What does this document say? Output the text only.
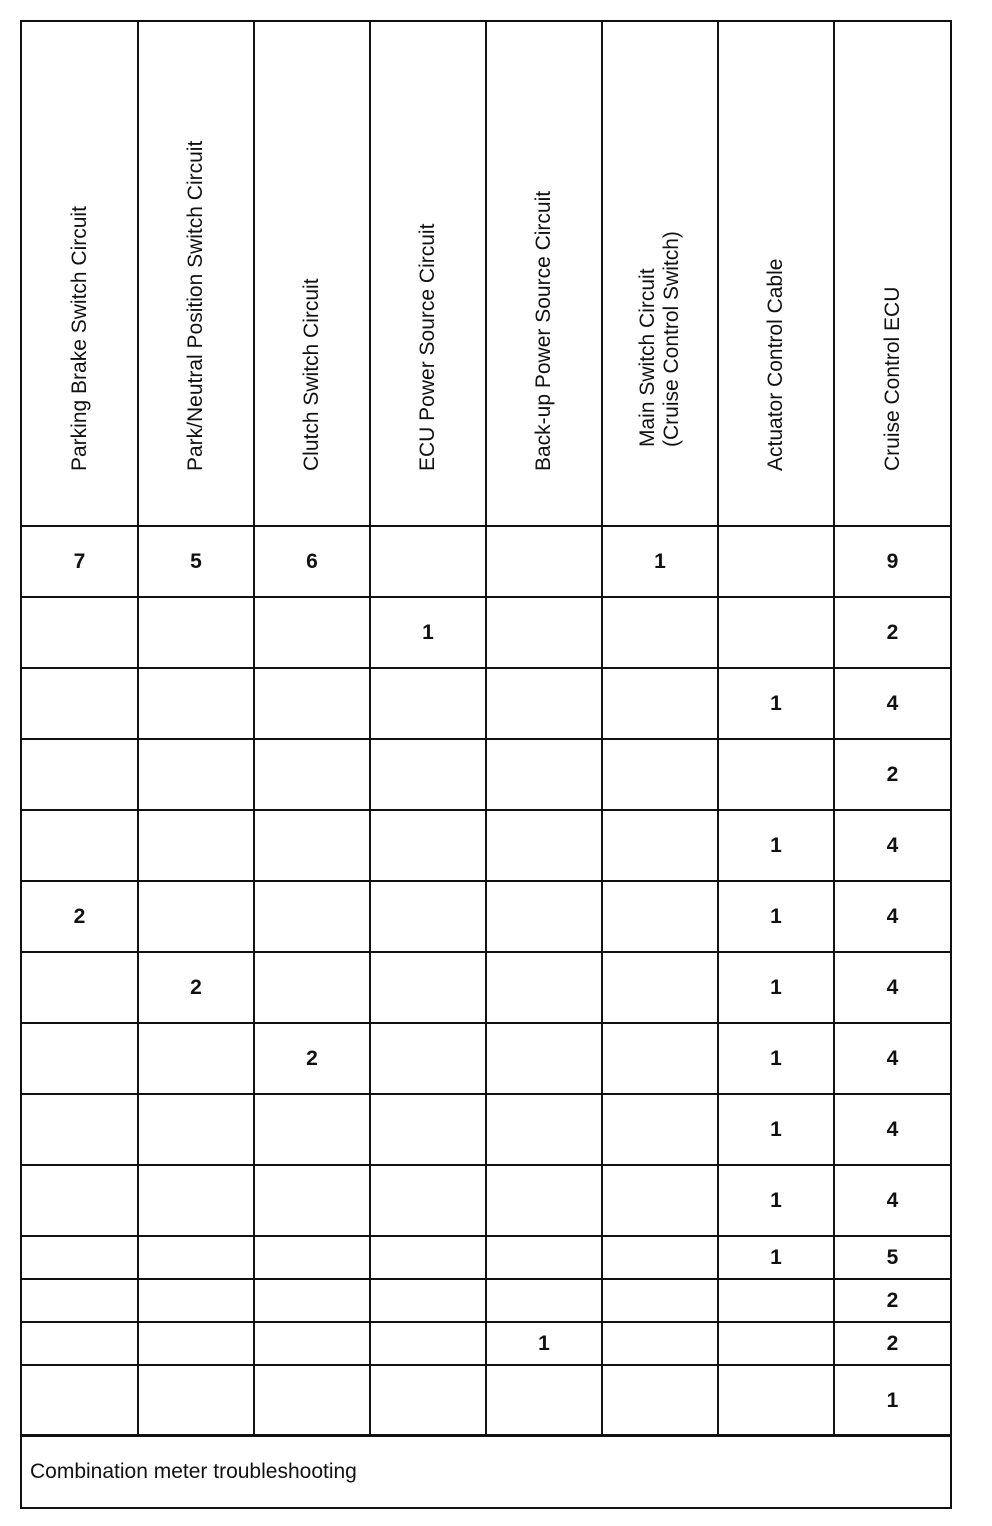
Parking Brake Switch Circuit	Park/Neutral Position Switch Circuit	Clutch Switch Circuit	ECU Power Source Circuit	Back-up Power Source Circuit	Main Switch Circuit (Cruise Control Switch)	Actuator Control Cable	Cruise Control ECU

7	5	6			1		9
			1				2
						1	4
							2
						1	4
2						1	4
	2					1	4
		2				1	4
						1	4
						1	4
						1	5
							2
				1			2
							1
Combination meter troubleshooting
